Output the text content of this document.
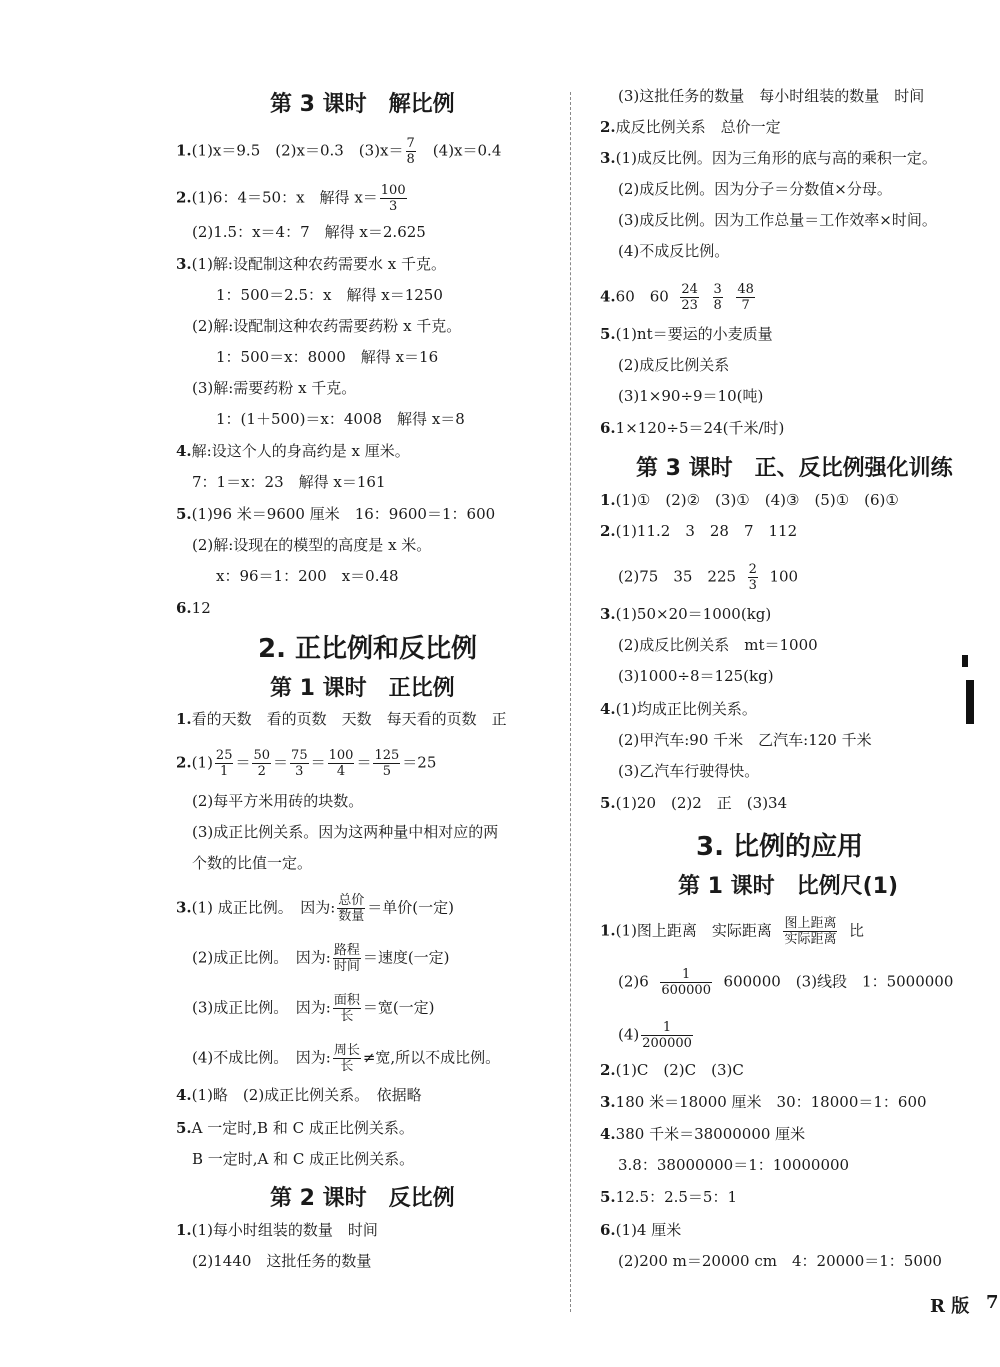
第 3 课时　解比例
1.(1)x＝9.5　(2)x＝0.3　$(3)x= \frac{7}{8}$ 　(4)x＝0.4
2.(1)6：4＝50：x　解得 $x= \frac{100}{3}$
(2)1.5：x＝4：7　解得 x＝2.625
3.(1)解:设配制这种农药需要水 x 千克。
1：500＝2.5：x　解得 x＝1250
(2)解:设配制这种农药需要药粉 x 千克。
1：500＝x：8000　解得 x＝16
(3)解:需要药粉 x 千克。
1：(1＋500)＝x：4008　解得 x＝8
4.解:设这个人的身高约是 x 厘米。
7：1＝x：23　解得 x＝161
5.(1)96 米＝9600 厘米　16：9600＝1：600
(2)解:设现在的模型的高度是 x 米。
x：96＝1：200　x＝0.48
6.12
2. 正比例和反比例
第 1 课时　正比例
1.看的天数　看的页数　天数　每天看的页数　正
$2.(1) \frac{25}{1} = \frac{50}{2} = \frac{75}{3} = \frac{100}{4} = \frac{125}{5} =25$
(2)每平方米用砖的块数。
(3)成正比例关系。因为这两种量中相对应的两
个数的比值一定。
3.(1) 成正比例。　因为: $\frac{\text{总价}}{\text{数量}}$ ＝单价(一定)
(2)成正比例。　因为: $\frac{\text{路程}}{\text{时间}}$ ＝速度(一定)
(3)成正比例。　因为: $\frac{\text{面积}}{\text{长}}$ ＝宽(一定)
(4)不成比例。　因为: $\frac{\text{周长}}{\text{长}}$ ≠宽,所以不成比例。
4.(1)略　(2)成正比例关系。　依据略
5.A 一定时,B 和 C 成正比例关系。
B 一定时,A 和 C 成正比例关系。
第 2 课时　反比例
1.(1)每小时组装的数量　时间
(2)1440　这批任务的数量
(3)这批任务的数量　每小时组装的数量　时间
2.成反比例关系　总价一定
3.(1)成反比例。因为三角形的底与高的乘积一定。
(2)成反比例。因为分子＝分数值×分母。
(3)成反比例。因为工作总量＝工作效率×时间。
(4)不成反比例。
4.60　$60 \frac{24}{23}$
$\frac{3}{8}$
$\frac{48}{7}$
5.(1)nt＝要运的小麦质量
(2)成反比例关系
(3)1×90÷9＝10(吨)
6.1×120÷5＝24(千米/时)
第 3 课时　正、反比例强化训练
1.(1)①　(2)②　(3)①　(4)③　(5)①　(6)①
2.(1)11.2　3　28　7　112
(2)75　35　$225 \frac{2}{3} 100$
3.(1)50×20＝1000(kg)
(2)成反比例关系　mt＝1000
(3)1000÷8＝125(kg)
4.(1)均成正比例关系。
(2)甲汽车:90 千米　乙汽车:120 千米
(3)乙汽车行驶得快。
5.(1)20　(2)2　正　(3)34
3. 比例的应用
第 1 课时　比例尺(1)
1.(1)图上距离　实际距离 $\frac{\text{图上距离}}{\text{实际距离}}$ 比
$(2)6 \frac{1}{600000} 600000$　(3)线段　1：5000000
$(4) \frac{1}{200000}$
2.(1)C　(2)C　(3)C
3.180 米＝18000 厘米　30：18000＝1：600
4.380 千米＝38000000 厘米
3.8：38000000＝1：10000000
5.12.5：2.5＝5：1
6.(1)4 厘米
(2)200 m＝20000 cm　4：20000＝1：5000
R 版 7
